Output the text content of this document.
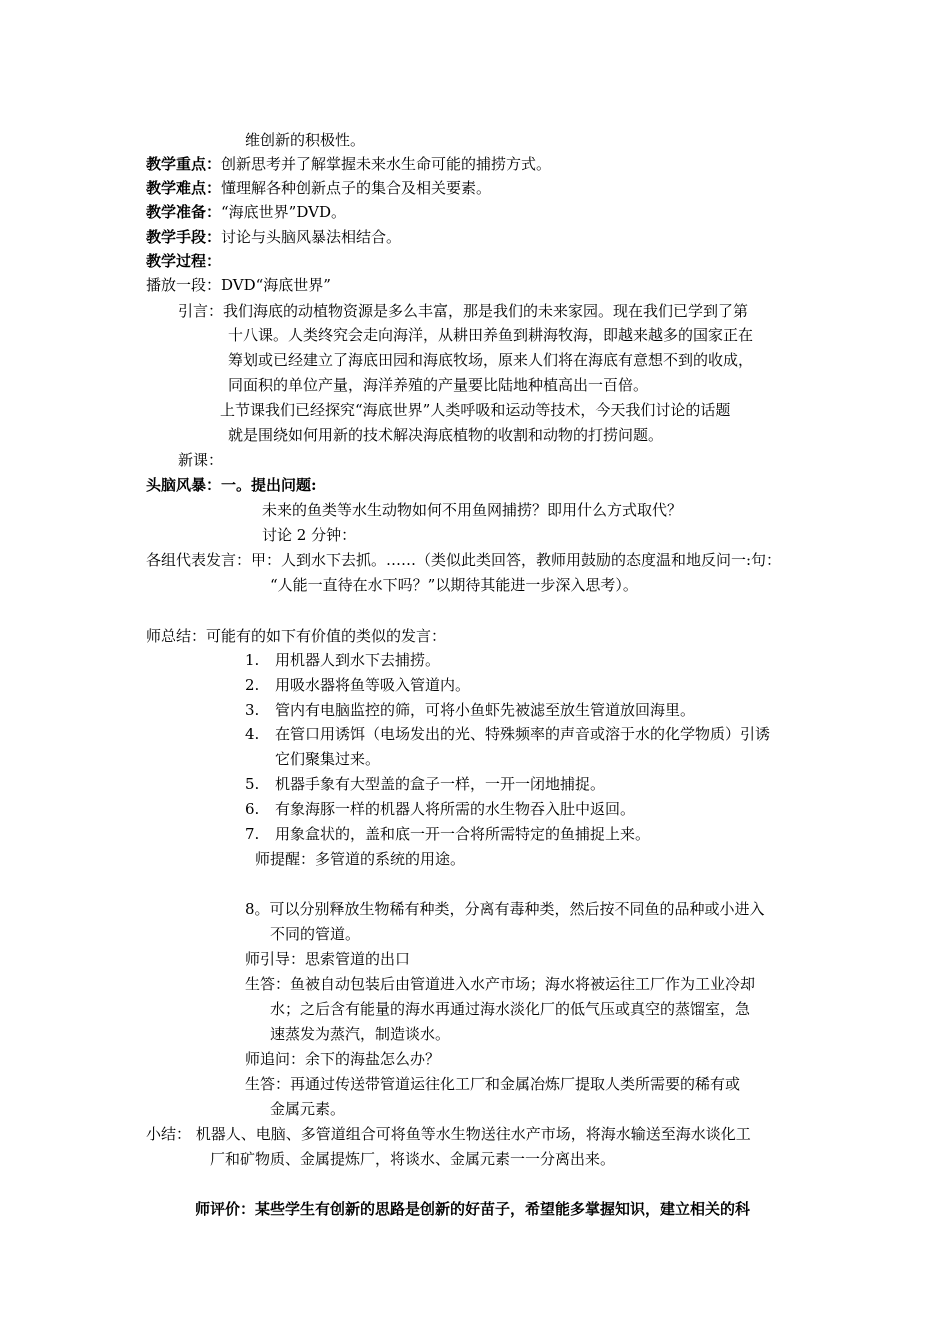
维创新的积极性。
教学重点：创新思考并了解掌握未来水生命可能的捕捞方式。
教学难点：懂理解各种创新点子的集合及相关要素。
教学准备：“海底世界”DVD。
教学手段：讨论与头脑风暴法相结合。
教学过程：
播放一段：DVD“海底世界”
引言：我们海底的动植物资源是多么丰富，那是我们的未来家园。现在我们已学到了第
十八课。人类终究会走向海洋，从耕田养鱼到耕海牧海，即越来越多的国家正在
筹划或已经建立了海底田园和海底牧场，原来人们将在海底有意想不到的收成，
同面积的单位产量，海洋养殖的产量要比陆地种植高出一百倍。
上节课我们已经探究“海底世界”人类呼吸和运动等技术，今天我们讨论的话题
就是围绕如何用新的技术解决海底植物的收割和动物的打捞问题。
新课：
头脑风暴：一。提出问题:
未来的鱼类等水生动物如何不用鱼网捕捞？即用什么方式取代？
讨论 2 分钟：
各组代表发言：甲：人到水下去抓。……（类似此类回答，教师用鼓励的态度温和地反问一:句：
“人能一直待在水下吗？”以期待其能进一步深入思考）。
师总结：可能有的如下有价值的类似的发言：
1. 用机器人到水下去捕捞。
2. 用吸水器将鱼等吸入管道内。
3. 管内有电脑监控的筛，可将小鱼虾先被滤至放生管道放回海里。
4. 在管口用诱饵（电场发出的光、特殊频率的声音或溶于水的化学物质）引诱
它们聚集过来。
5. 机器手象有大型盖的盒子一样，一开一闭地捕捉。
6. 有象海豚一样的机器人将所需的水生物吞入肚中返回。
7. 用象盒状的，盖和底一开一合将所需特定的鱼捕捉上来。
师提醒：多管道的系统的用途。
8。可以分别释放生物稀有种类，分离有毒种类，然后按不同鱼的品种或小进入
不同的管道。
师引导：思索管道的出口
生答：鱼被自动包装后由管道进入水产市场；海水将被运往工厂作为工业冷却
水；之后含有能量的海水再通过海水淡化厂的低气压或真空的蒸馏室，急
速蒸发为蒸汽，制造谈水。
师追问：余下的海盐怎么办？
生答：再通过传送带管道运往化工厂和金属冶炼厂提取人类所需要的稀有或
金属元素。
小结： 机器人、电脑、多管道组合可将鱼等水生物送往水产市场，将海水输送至海水谈化工
厂和矿物质、金属提炼厂，将谈水、金属元素一一分离出来。
师评价：某些学生有创新的思路是创新的好苗子，希望能多掌握知识，建立相关的科
